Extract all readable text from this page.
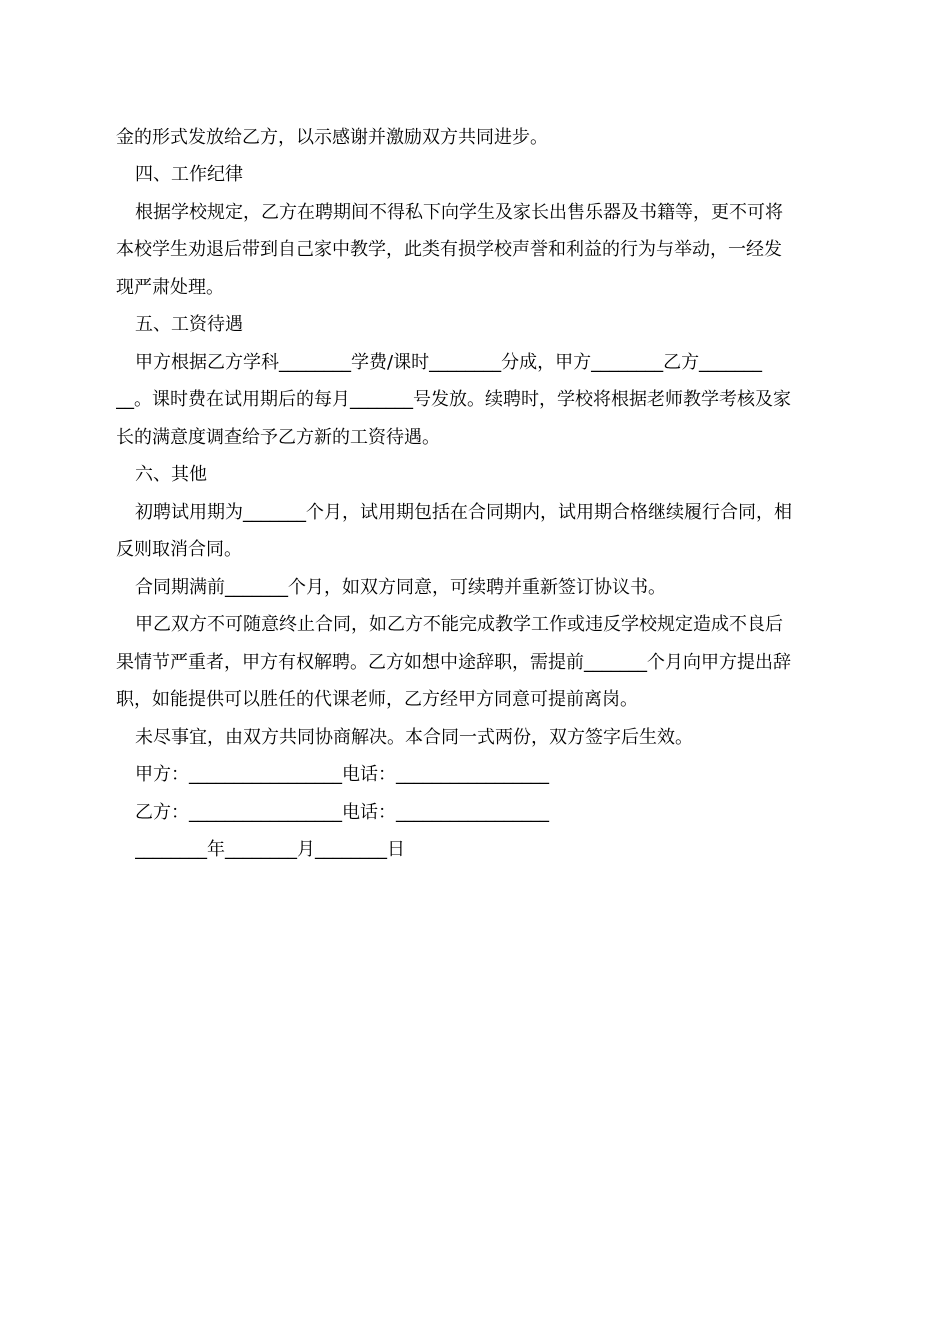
金的形式发放给乙方，以示感谢并激励双方共同进步。
四、工作纪律
根据学校规定，乙方在聘期间不得私下向学生及家长出售乐器及书籍等，更不可将
本校学生劝退后带到自己家中教学，此类有损学校声誉和利益的行为与举动，一经发
现严肃处理。
五、工资待遇
甲方根据乙方学科________学费/课时________分成，甲方________乙方_______
__。课时费在试用期后的每月_______号发放。续聘时，学校将根据老师教学考核及家
长的满意度调查给予乙方新的工资待遇。
六、其他
初聘试用期为_______个月，试用期包括在合同期内，试用期合格继续履行合同，相
反则取消合同。
合同期满前_______个月，如双方同意，可续聘并重新签订协议书。
甲乙双方不可随意终止合同，如乙方不能完成教学工作或违反学校规定造成不良后
果情节严重者，甲方有权解聘。乙方如想中途辞职，需提前_______个月向甲方提出辞
职，如能提供可以胜任的代课老师，乙方经甲方同意可提前离岗。
未尽事宜，由双方共同协商解决。本合同一式两份，双方签字后生效。
甲方：_________________电话：_________________
乙方：_________________电话：_________________
________年________月________日
